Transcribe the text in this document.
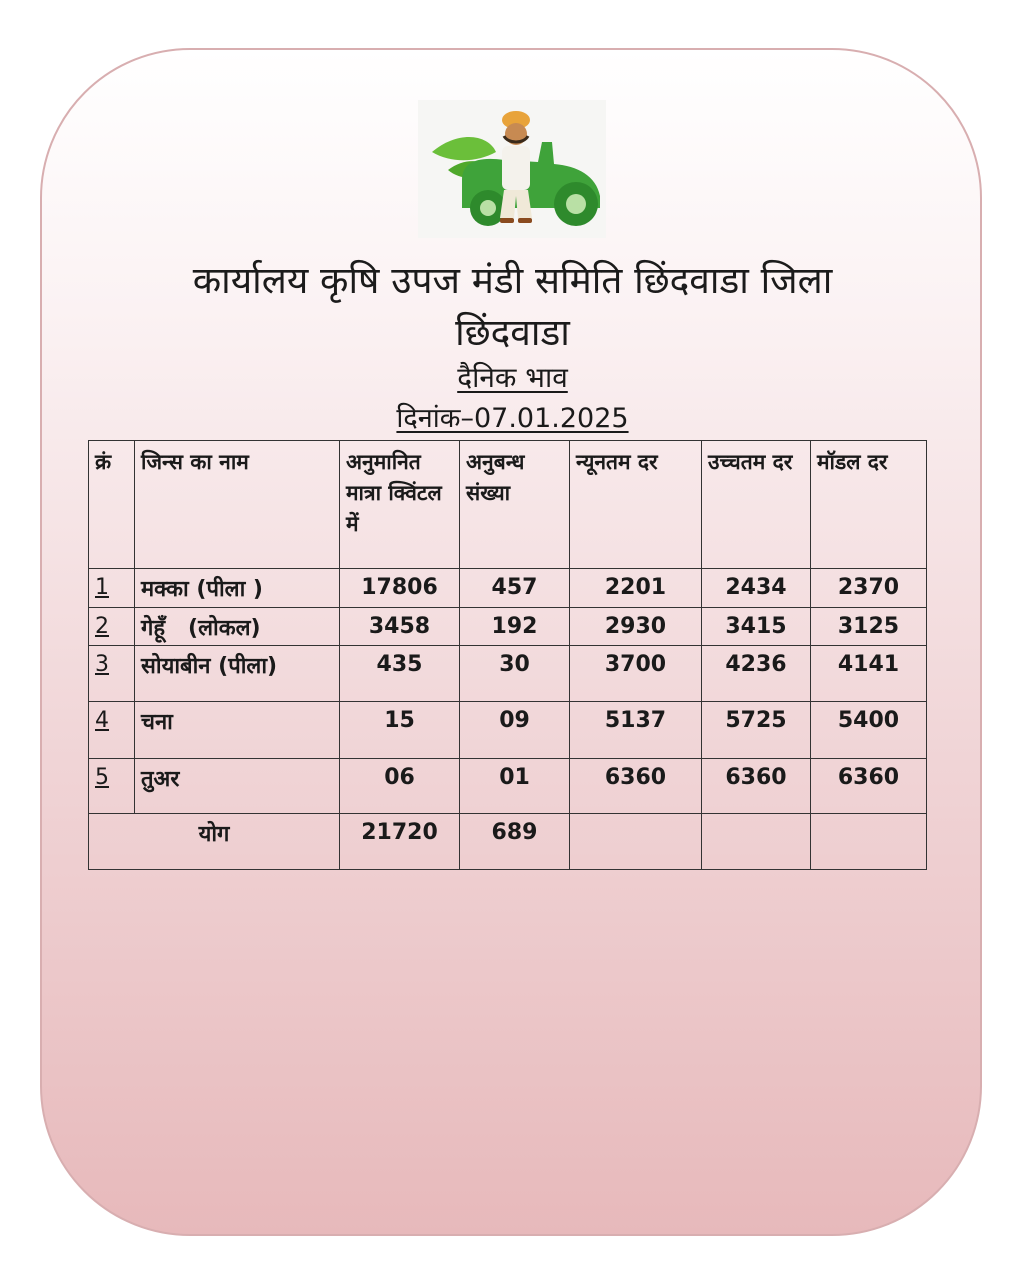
कार्यालय कृषि उपज मंडी समिति छिंदवाडा जिला
छिंदवाडा
दैनिक भाव
दिनांक–07.01.2025
क्रं	जिन्स का नाम	अनुमानित मात्रा क्विंटल में	अनुबन्ध संख्या	न्यूनतम दर	उच्चतम दर	मॉडल दर
1	मक्का (पीला )	17806	457	2201	2434	2370
2	गेहूँ   (लोकल)	3458	192	2930	3415	3125
3	सोयाबीन (पीला)	435	30	3700	4236	4141
4	चना	15	09	5137	5725	5400
5	तुअर	06	01	6360	6360	6360
योग		21720	689			
